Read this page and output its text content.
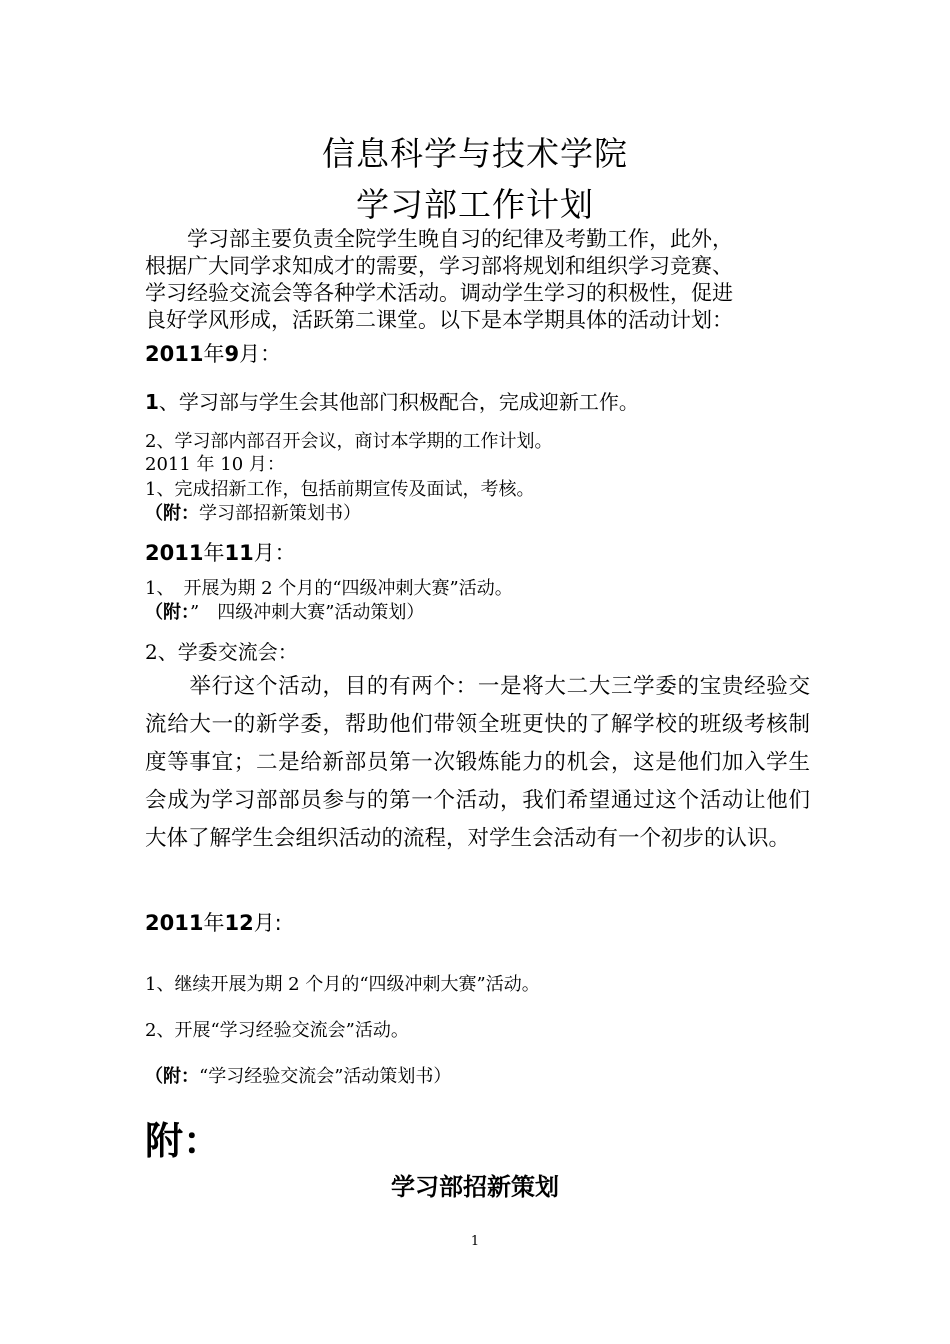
信息科学与技术学院
学习部工作计划

　　学习部主要负责全院学生晚自习的纪律及考勤工作，此外，

根据广大同学求知成才的需要，学习部将规划和组织学习竞赛、

学习经验交流会等各种学术活动。调动学生学习的积极性，促进

良好学风形成，活跃第二课堂。以下是本学期具体的活动计划：

2011年9月：
1、学习部与学生会其他部门积极配合，完成迎新工作。
2、学习部内部召开会议，商讨本学期的工作计划。
2011 年 10 月：
1、完成招新工作，包括前期宣传及面试，考核。
（附：学习部招新策划书）
2011年11月：
1、　开展为期 2 个月的“四级冲刺大赛”活动。
（附：”　四级冲刺大赛”活动策划）
2、学委交流会：

　　举行这个活动，目的有两个：一是将大二大三学委的宝贵经验交流给大一的新学委，帮助他们带领全班更快的了解学校的班级考核制度等事宜；二是给新部员第一次锻炼能力的机会，这是他们加入学生会成为学习部部员参与的第一个活动，我们希望通过这个活动让他们大体了解学生会组织活动的流程，对学生会活动有一个初步的认识。

2011年12月:
1、继续开展为期 2 个月的“四级冲刺大赛”活动。
2、开展“学习经验交流会”活动。
（附：“学习经验交流会”活动策划书）
附：
学习部招新策划
1
